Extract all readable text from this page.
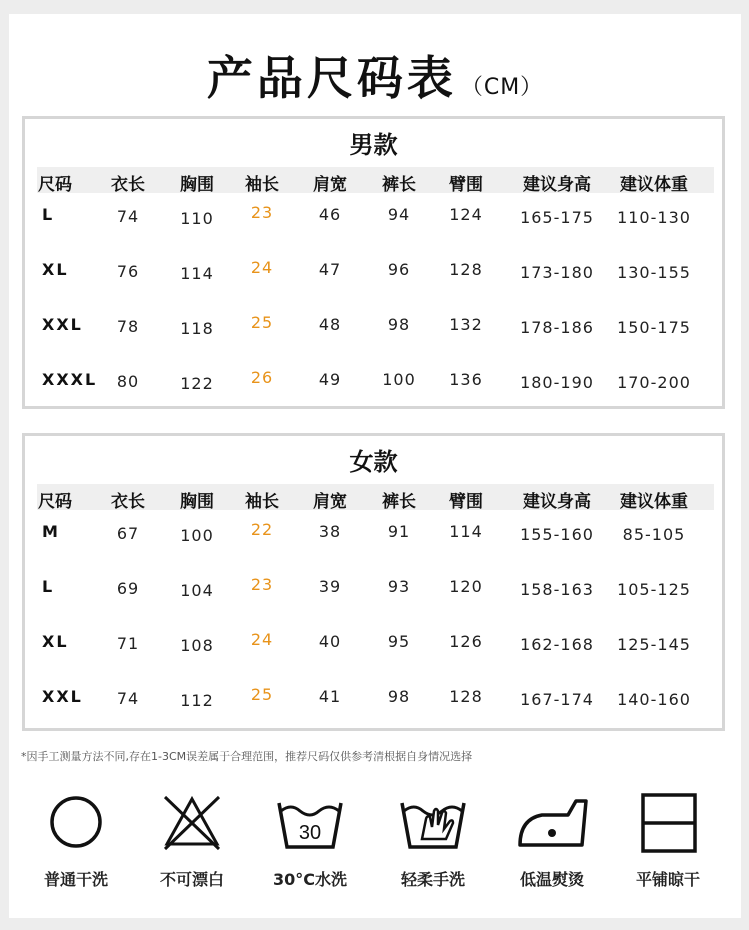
产品尺码表 （CM）
男款
尺码 衣长 胸围 袖长 肩宽 裤长 臂围 建议身高 建议体重
L	74	110 23	46	94 124 165-175 110-130
XL	76	114 24	47	96 128 173-180 130-155
XXL 78	118 25	48	98 132 178-186 150-175
XXXL 80	122 26	49	100 136 180-190 170-200
女款
尺码 衣长 胸围 袖长 肩宽 裤长 臂围 建议身高 建议体重
M	67	100 22	38	91 114 155-160 85-105
L	69	104 23	39	93 120 158-163 105-125
XL	71	108 24	40	95 126 162-168 125-145
XXL 74	112 25	41	98 128 167-174 140-160
*因手工测量方法不同,存在1-3CM误差属于合理范围，推荐尺码仅供参考清根据自身情况选择
普通干洗	不可漂白
30
30°C水洗	轻柔手洗	低温熨烫	平铺晾干
